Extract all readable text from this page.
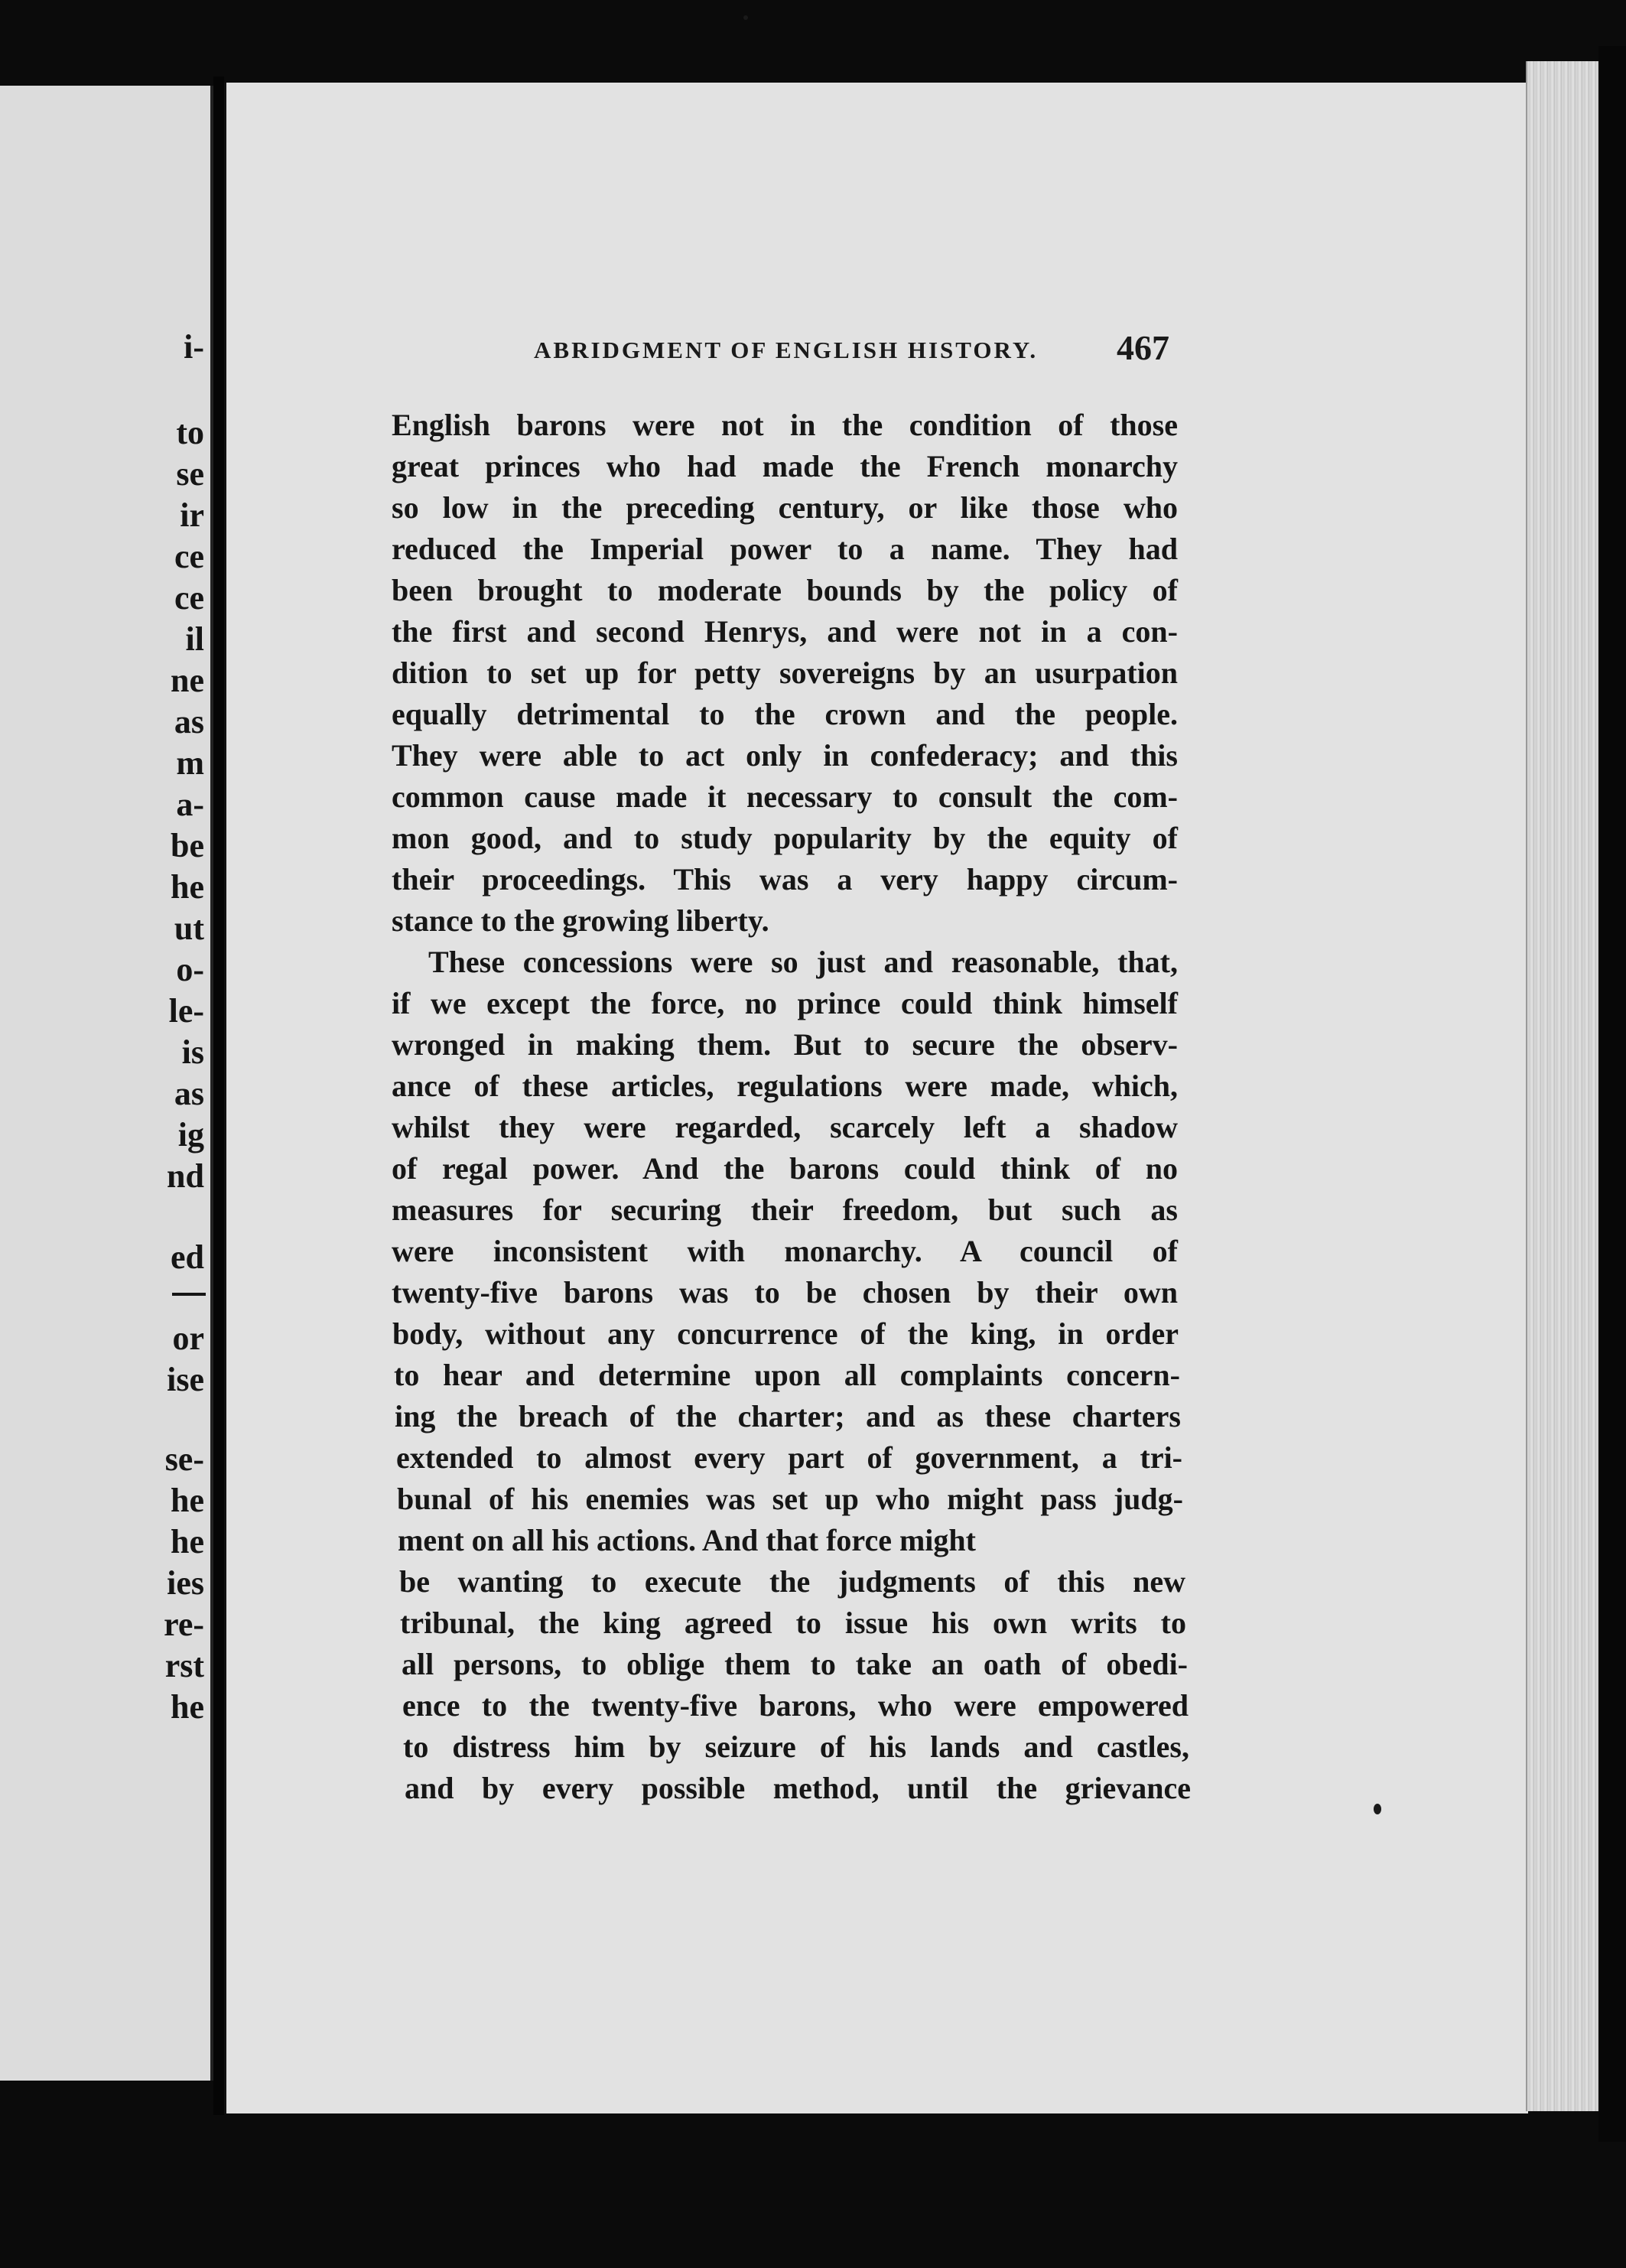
i-
to
se
ir
ce
ce
il
ne
as
m
a-
be
he
ut
o-
le-
is
as
ig
nd
ed
or
ise
se-
he
he
ies
re-
rst
he
ABRIDGMENT OF ENGLISH HISTORY. 467
English barons were not in the condition of those
great princes who had made the French monarchy
so low in the preceding century, or like those who
reduced the Imperial power to a name. They had
been brought to moderate bounds by the policy of
the first and second Henrys, and were not in a con-
dition to set up for petty sovereigns by an usurpation
equally detrimental to the crown and the people.
They were able to act only in confederacy; and this
common cause made it necessary to consult the com-
mon good, and to study popularity by the equity of
their proceedings. This was a very happy circum-
stance to the growing liberty.
These concessions were so just and reasonable, that,
if we except the force, no prince could think himself
wronged in making them. But to secure the observ-
ance of these articles, regulations were made, which,
whilst they were regarded, scarcely left a shadow
of regal power. And the barons could think of no
measures for securing their freedom, but such as
were inconsistent with monarchy. A council of
twenty-five barons was to be chosen by their own
body, without any concurrence of the king, in order
to hear and determine upon all complaints concern-
ing the breach of the charter; and as these charters
extended to almost every part of government, a tri-
bunal of his enemies was set up who might pass judg-
ment on all his actions. And that force might
be wanting to execute the judgments of this new
tribunal, the king agreed to issue his own writs to
all persons, to oblige them to take an oath of obedi-
ence to the twenty-five barons, who were empowered
to distress him by seizure of his lands and castles,
and by every possible method, until the grievance
